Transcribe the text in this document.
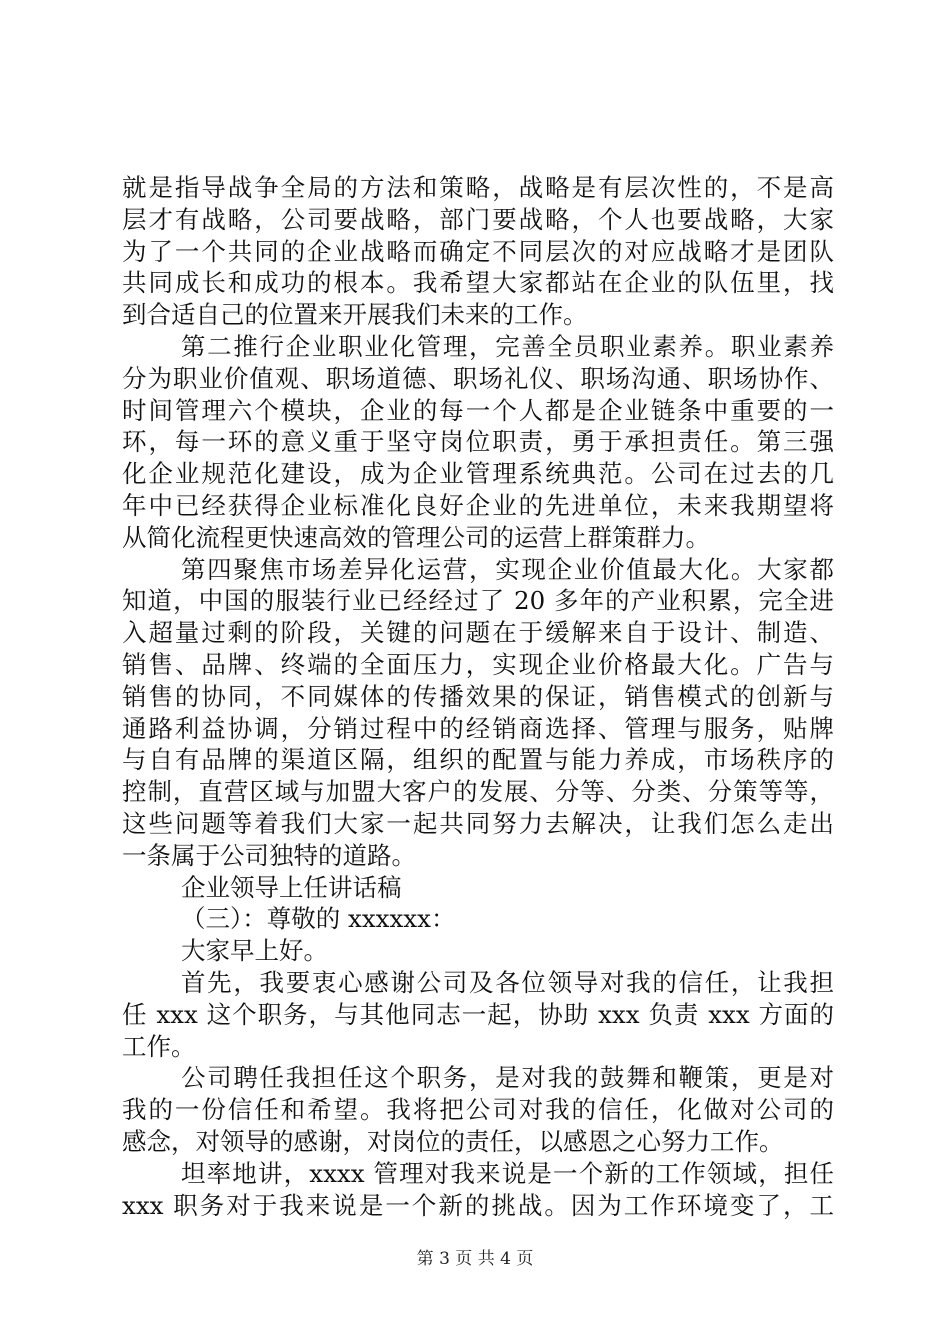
就是指导战争全局的方法和策略，战略是有层次性的，不是高
层才有战略，公司要战略，部门要战略，个人也要战略，大家
为了一个共同的企业战略而确定不同层次的对应战略才是团队
共同成长和成功的根本。我希望大家都站在企业的队伍里，找
到合适自己的位置来开展我们未来的工作。
第二推行企业职业化管理，完善全员职业素养。职业素养
分为职业价值观、职场道德、职场礼仪、职场沟通、职场协作、
时间管理六个模块，企业的每一个人都是企业链条中重要的一
环，每一环的意义重于坚守岗位职责，勇于承担责任。第三强
化企业规范化建设，成为企业管理系统典范。公司在过去的几
年中已经获得企业标准化良好企业的先进单位，未来我期望将
从简化流程更快速高效的管理公司的运营上群策群力。
第四聚焦市场差异化运营，实现企业价值最大化。大家都
知道，中国的服装行业已经经过了 20 多年的产业积累，完全进
入超量过剩的阶段，关键的问题在于缓解来自于设计、制造、
销售、品牌、终端的全面压力，实现企业价格最大化。广告与
销售的协同，不同媒体的传播效果的保证，销售模式的创新与
通路利益协调，分销过程中的经销商选择、管理与服务，贴牌
与自有品牌的渠道区隔，组织的配置与能力养成，市场秩序的
控制，直营区域与加盟大客户的发展、分等、分类、分策等等，
这些问题等着我们大家一起共同努力去解决，让我们怎么走出
一条属于公司独特的道路。
企业领导上任讲话稿
（三）：尊敬的 xxxxxx：
大家早上好。
首先，我要衷心感谢公司及各位领导对我的信任，让我担
任 xxx 这个职务，与其他同志一起，协助 xxx 负责 xxx 方面的
工作。
公司聘任我担任这个职务，是对我的鼓舞和鞭策，更是对
我的一份信任和希望。我将把公司对我的信任，化做对公司的
感念，对领导的感谢，对岗位的责任，以感恩之心努力工作。
坦率地讲，xxxx 管理对我来说是一个新的工作领域，担任
xxx 职务对于我来说是一个新的挑战。因为工作环境变了，工
第 3 页 共 4 页
